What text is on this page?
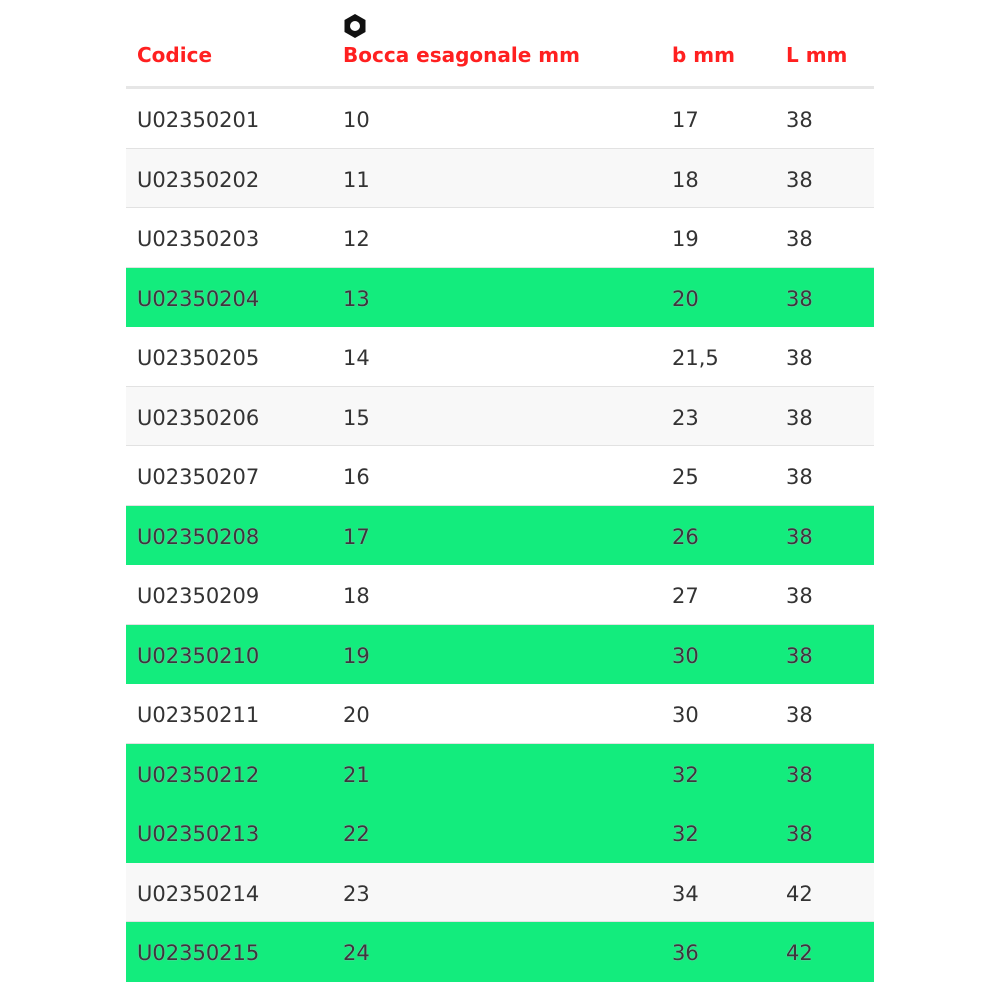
Codice	Bocca esagonale mm	b mm	L mm
U02350201	10	17	38
U02350202	11	18	38
U02350203	12	19	38
U02350204	13	20	38
U02350205	14	21,5	38
U02350206	15	23	38
U02350207	16	25	38
U02350208	17	26	38
U02350209	18	27	38
U02350210	19	30	38
U02350211	20	30	38
U02350212	21	32	38
U02350213	22	32	38
U02350214	23	34	42
U02350215	24	36	42
